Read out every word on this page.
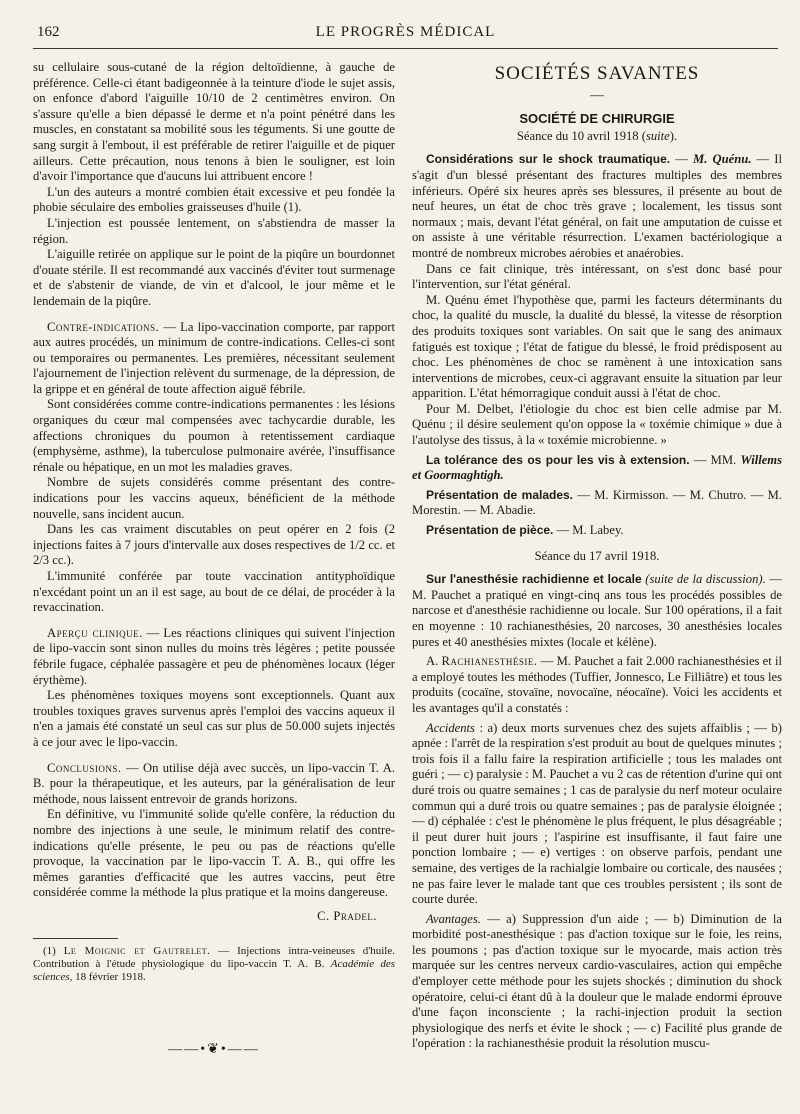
162	LE PROGRÈS MÉDICAL

su cellulaire sous-cutané de la région deltoïdienne, à gauche de préférence. Celle-ci étant badigeonnée à la teinture d'iode le sujet assis, on enfonce d'abord l'aiguille 10/10 de 2 centimètres environ. On s'assure qu'elle a bien dépassé le derme et n'a point pénétré dans les muscles, en constatant sa mobilité sous les téguments. Si une goutte de sang surgit à l'embout, il est préférable de retirer l'aiguille et de piquer ailleurs. Cette précaution, nous tenons à bien le souligner, est loin d'avoir l'importance que d'aucuns lui attribuent encore !

L'un des auteurs a montré combien était excessive et peu fondée la phobie séculaire des embolies graisseuses d'huile (1).

L'injection est poussée lentement, on s'abstiendra de masser la région.

L'aiguille retirée on applique sur le point de la piqûre un bourdonnet d'ouate stérile. Il est recommandé aux vaccinés d'éviter tout surmenage et de s'abstenir de viande, de vin et d'alcool, le jour même et le lendemain de la piqûre.

Contre-indications. — La lipo-vaccination comporte, par rapport aux autres procédés, un minimum de contre-indications. Celles-ci sont ou temporaires ou permanentes. Les premières, nécessitant seulement l'ajournement de l'injection relèvent du surmenage, de la dépression, de la grippe et en général de toute affection aiguë fébrile.

Sont considérées comme contre-indications permanentes : les lésions organiques du cœur mal compensées avec tachycardie durable, les affections chroniques du poumon à retentissement cardiaque (emphysème, asthme), la tuberculose pulmonaire avérée, l'insuffisance rénale ou hépatique, en un mot les maladies graves.

Nombre de sujets considérés comme présentant des contre-indications pour les vaccins aqueux, bénéficient de la méthode nouvelle, sans incident aucun.

Dans les cas vraiment discutables on peut opérer en 2 fois (2 injections faites à 7 jours d'intervalle aux doses respectives de 1/2 cc. et 2/3 cc.).

L'immunité conférée par toute vaccination antityphoïdique n'excédant point un an il est sage, au bout de ce délai, de procéder à la revaccination.

Aperçu clinique. — Les réactions cliniques qui suivent l'injection de lipo-vaccin sont sinon nulles du moins très légères ; petite poussée fébrile fugace, céphalée passagère et peu de phénomènes locaux (léger érythème).

Les phénomènes toxiques moyens sont exceptionnels. Quant aux troubles toxiques graves survenus après l'emploi des vaccins aqueux il n'en a jamais été constaté un seul cas sur plus de 50.000 sujets injectés à ce jour avec le lipo-vaccin.

Conclusions. — On utilise déjà avec succès, un lipo-vaccin T. A. B. pour la thérapeutique, et les auteurs, par la généralisation de leur méthode, nous laissent entrevoir de grands horizons.

En définitive, vu l'immunité solide qu'elle confère, la réduction du nombre des injections à une seule, le minimum relatif des contre-indications qu'elle présente, le peu ou pas de réactions qu'elle provoque, la vaccination par le lipo-vaccin T. A. B., qui offre les mêmes garanties d'efficacité que les autres vaccins, peut être considérée comme la méthode la plus pratique et la moins dangereuse.

C. Pradel.

(1) Le Moignic et Gautrelet. — Injections intra-veineuses d'huile. Contribution à l'étude physiologique du lipo-vaccin T. A. B. Académie des sciences, 18 février 1918.

——•❦•——
SOCIÉTÉS SAVANTES
—
SOCIÉTÉ DE CHIRURGIE
Séance du 10 avril 1918 (suite).

Considérations sur le shock traumatique. — M. Quénu. — Il s'agit d'un blessé présentant des fractures multiples des membres inférieurs. Opéré six heures après ses blessures, il présente au bout de neuf heures, un état de choc très grave ; localement, les tissus sont normaux ; mais, devant l'état général, on fait une amputation de cuisse et on assiste à une véritable résurrection. L'examen bactériologique a montré de nombreux microbes aérobies et anaérobies.

Dans ce fait clinique, très intéressant, on s'est donc basé pour l'intervention, sur l'état général.

M. Quénu émet l'hypothèse que, parmi les facteurs déterminants du choc, la qualité du muscle, la dualité du blessé, la vitesse de résorption des produits toxiques sont variables. On sait que le sang des animaux fatigués est toxique ; l'état de fatigue du blessé, le froid prédisposent au choc. Les phénomènes de choc se ramènent à une intoxication sans interventions de microbes, ceux-ci aggravant ensuite la situation par leur apparition. L'état hémorragique conduit aussi à l'état de choc.

Pour M. Delbet, l'étiologie du choc est bien celle admise par M. Quénu ; il désire seulement qu'on oppose la « toxémie chimique » due à l'autolyse des tissus, à la « toxémie microbienne. »

La tolérance des os pour les vis à extension. — MM. Willems et Goormaghtigh.

Présentation de malades. — M. Kirmisson. — M. Chutro. — M. Morestin. — M. Abadie.

Présentation de pièce. — M. Labey.

Séance du 17 avril 1918.

Sur l'anesthésie rachidienne et locale (suite de la discussion). — M. Pauchet a pratiqué en vingt-cinq ans tous les procédés possibles de narcose et d'anesthésie rachidienne ou locale. Sur 100 opérations, il a fait en moyenne : 10 rachianesthésies, 20 narcoses, 30 anesthésies locales pures et 40 anesthésies mixtes (locale et kélène).

A. Rachianesthésie. — M. Pauchet a fait 2.000 rachianesthésies et il a employé toutes les méthodes (Tuffier, Jonnesco, Le Filliâtre) et tous les produits (cocaïne, stovaïne, novocaïne, néocaïne). Voici les accidents et les avantages qu'il a constatés :

Accidents : a) deux morts survenues chez des sujets affaiblis ; — b) apnée : l'arrêt de la respiration s'est produit au bout de quelques minutes ; trois fois il a fallu faire la respiration artificielle ; tous les malades ont guéri ; — c) paralysie : M. Pauchet a vu 2 cas de rétention d'urine qui ont duré trois ou quatre semaines ; 1 cas de paralysie du nerf moteur oculaire commun qui a duré trois ou quatre semaines ; pas de paralysie éloignée ; — d) céphalée : c'est le phénomène le plus fréquent, le plus désagréable ; il peut durer huit jours ; l'aspirine est insuffisante, il faut faire une ponction lombaire ; — e) vertiges : on observe parfois, pendant une semaine, des vertiges de la rachialgie lombaire ou corticale, des nausées ; ne pas faire lever le malade tant que ces troubles persistent ; ils sont de courte durée.

Avantages. — a) Suppression d'un aide ; — b) Diminution de la morbidité post-anesthésique : pas d'action toxique sur le foie, les reins, les poumons ; pas d'action toxique sur le myocarde, mais action très marquée sur les centres nerveux cardio-vasculaires, action qui empêche d'employer cette méthode pour les sujets shockés ; diminution du shock opératoire, celui-ci étant dû à la douleur que le malade endormi éprouve d'une façon inconsciente ; la rachi-injection produit la section physiologique des nerfs et évite le shock ; — c) Facilité plus grande de l'opération : la rachianesthésie produit la résolution muscu-
